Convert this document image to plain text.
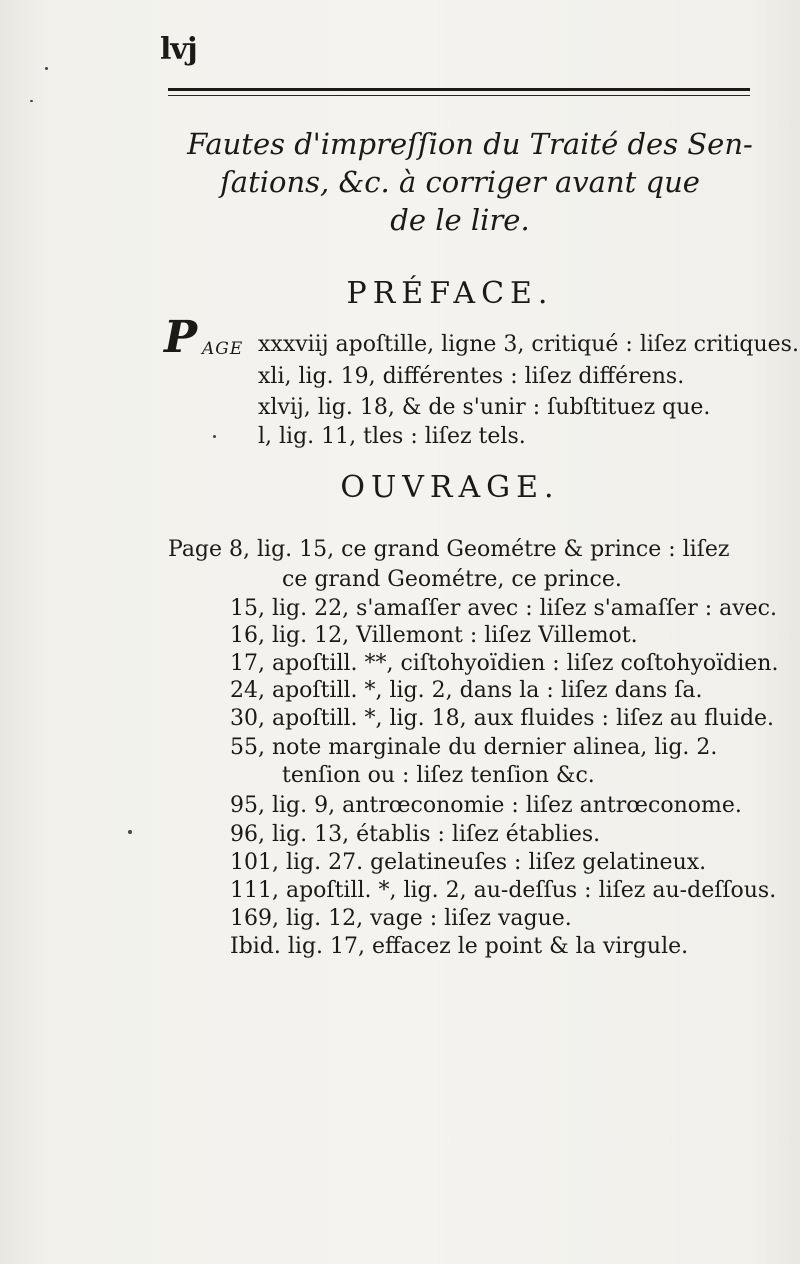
lvj
Fautes d'impreſſion du Traité des Sen-
ſations, &c. à corriger avant que
de le lire.
PRÉFACE.
P AGE xxxviij apoſtille, ligne 3, critiqué : liſez critiques.
xli, lig. 19, différentes : liſez différens.
xlvij, lig. 18, & de s'unir : ſubſtituez que.
l, lig. 11, tles : liſez tels.
OUVRAGE.
Page 8, lig. 15, ce grand Geométre & prince : liſez
ce grand Geométre, ce prince.
15, lig. 22, s'amaſſer avec : liſez s'amaſſer : avec.
16, lig. 12, Villemont : liſez Villemot.
17, apoſtill. **, ciſtohyoïdien : liſez coſtohyoïdien.
24, apoſtill. *, lig. 2, dans la : liſez dans ſa.
30, apoſtill. *, lig. 18, aux fluides : liſez au fluide.
55, note marginale du dernier alinea, lig. 2.
tenſion ou : liſez tenſion &c.
95, lig. 9, antrœconomie : liſez antrœconome.
96, lig. 13, établis : liſez établies.
101, lig. 27. gelatineuſes : liſez gelatineux.
111, apoſtill. *, lig. 2, au-deſſus : liſez au-deſſous.
169, lig. 12, vage : liſez vague.
Ibid. lig. 17, effacez le point & la virgule.
